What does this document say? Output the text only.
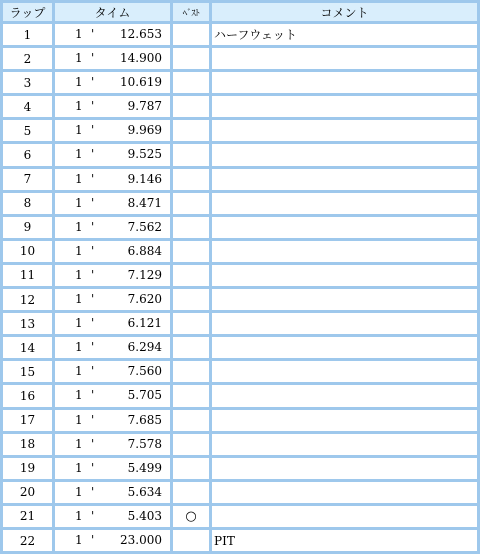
ラップ	タイム	ﾍﾞｽﾄ	コメント
1	1 ' 12.653		ハーフウェット
2	1 ' 14.900		

3	1 ' 10.619		

4	1 ' 9.787		

5	1 ' 9.969		

6	1 ' 9.525		

7	1 ' 9.146		

8	1 ' 8.471		

9	1 ' 7.562		

10	1 ' 6.884		

11	1 ' 7.129		

12	1 ' 7.620		

13	1 ' 6.121		

14	1 ' 6.294		

15	1 ' 7.560		

16	1 ' 5.705		

17	1 ' 7.685		

18	1 ' 7.578		

19	1 ' 5.499		

20	1 ' 5.634		

21	1 ' 5.403	○	
22	1 ' 23.000		PIT
